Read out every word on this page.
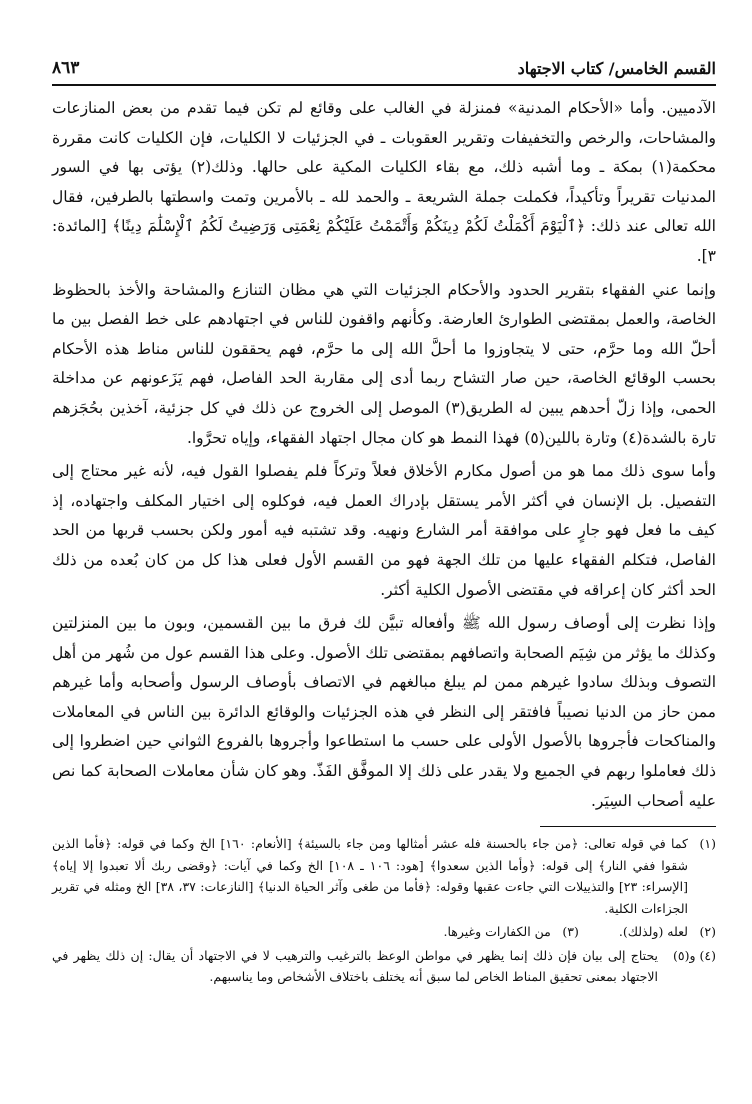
القسم الخامس/ كتاب الاجتهاد
٨٦٣

الآدميين. وأما «الأحكام المدنية» فمنزلة في الغالب على وقائع لم تكن فيما تقدم من بعض المنازعات والمشاحات، والرخص والتخفيفات وتقرير العقوبات ـ في الجزئيات لا الكليات، فإن الكليات كانت مقررة محكمة(١) بمكة ـ وما أشبه ذلك، مع بقاء الكليات المكية على حالها. وذلك(٢) يؤتى بها في السور المدنيات تقريراً وتأكيداً، فكملت جملة الشريعة ـ والحمد لله ـ بالأمرين وتمت واسطتها بالطرفين، فقال الله تعالى عند ذلك: ﴿ٱلْيَوْمَ أَكْمَلْتُ لَكُمْ دِينَكُمْ وَأَتْمَمْتُ عَلَيْكُمْ نِعْمَتِى وَرَضِيتُ لَكُمُ ٱلْإِسْلَٰمَ دِينًا﴾ [المائدة: ٣].

وإنما عني الفقهاء بتقرير الحدود والأحكام الجزئيات التي هي مظان التنازع والمشاحة والأخذ بالحظوظ الخاصة، والعمل بمقتضى الطوارئ العارضة. وكأنهم واقفون للناس في اجتهادهم على خط الفصل بين ما أحلّ الله وما حرَّم، حتى لا يتجاوزوا ما أحلَّ الله إلى ما حرَّم، فهم يحققون للناس مناط هذه الأحكام بحسب الوقائع الخاصة، حين صار التشاح ربما أدى إلى مقاربة الحد الفاصل، فهم يَزَعونهم عن مداخلة الحمى، وإذا زلّ أحدهم يبين له الطريق(٣) الموصل إلى الخروج عن ذلك في كل جزئية، آخذين بحُجَزهم تارة بالشدة(٤) وتارة باللين(٥) فهذا النمط هو كان مجال اجتهاد الفقهاء، وإياه تحرَّوا.

وأما سوى ذلك مما هو من أصول مكارم الأخلاق فعلاً وتركاً فلم يفصلوا القول فيه، لأنه غير محتاج إلى التفصيل. بل الإنسان في أكثر الأمر يستقل بإدراك العمل فيه، فوكلوه إلى اختيار المكلف واجتهاده، إذ كيف ما فعل فهو جارٍ على موافقة أمر الشارع ونهيه. وقد تشتبه فيه أمور ولكن بحسب قربها من الحد الفاصل، فتكلم الفقهاء عليها من تلك الجهة فهو من القسم الأول فعلى هذا كل من كان بُعده من ذلك الحد أكثر كان إعراقه في مقتضى الأصول الكلية أكثر.

وإذا نظرت إلى أوصاف رسول الله ﷺ وأفعاله تبيَّن لك فرق ما بين القسمين، وبون ما بين المنزلتين وكذلك ما يؤثر من شِيَم الصحابة واتصافهم بمقتضى تلك الأصول. وعلى هذا القسم عول من شُهر من أهل التصوف وبذلك سادوا غيرهم ممن لم يبلغ مبالغهم في الاتصاف بأوصاف الرسول وأصحابه وأما غيرهم ممن حاز من الدنيا نصيباً فافتقر إلى النظر في هذه الجزئيات والوقائع الدائرة بين الناس في المعاملات والمناكحات فأجروها بالأصول الأولى على حسب ما استطاعوا وأجروها بالفروع الثواني حين اضطروا إلى ذلك فعاملوا ربهم في الجميع ولا يقدر على ذلك إلا الموفَّق الفَذّ. وهو كان شأن معاملات الصحابة كما نص عليه أصحاب السِيَر.

(١)
كما في قوله تعالى: ﴿من جاء بالحسنة فله عشر أمثالها ومن جاء بالسيئة﴾ [الأنعام: ١٦٠] الخ وكما في قوله: ﴿فأما الذين شقوا ففي النار﴾ إلى قوله: ﴿وأما الذين سعدوا﴾ [هود: ١٠٦ ـ ١٠٨] الخ وكما في آيات: ﴿وقضى ربك ألا تعبدوا إلا إياه﴾ [الإسراء: ٢٣] والتذييلات التي جاءت عقبها وقوله: ﴿فأما من طغى وآثر الحياة الدنيا﴾ [النازعات: ٣٧، ٣٨] الخ ومثله في تقرير الجزاءات الكلية.
(٢)
لعله (ولذلك).
(٣)
من الكفارات وغيرها.
(٤) و(٥)
يحتاج إلى بيان فإن ذلك إنما يظهر في مواطن الوعظ بالترغيب والترهيب لا في الاجتهاد أن يقال: إن ذلك يظهر في الاجتهاد بمعنى تحقيق المناط الخاص لما سبق أنه يختلف باختلاف الأشخاص وما يناسبهم.
